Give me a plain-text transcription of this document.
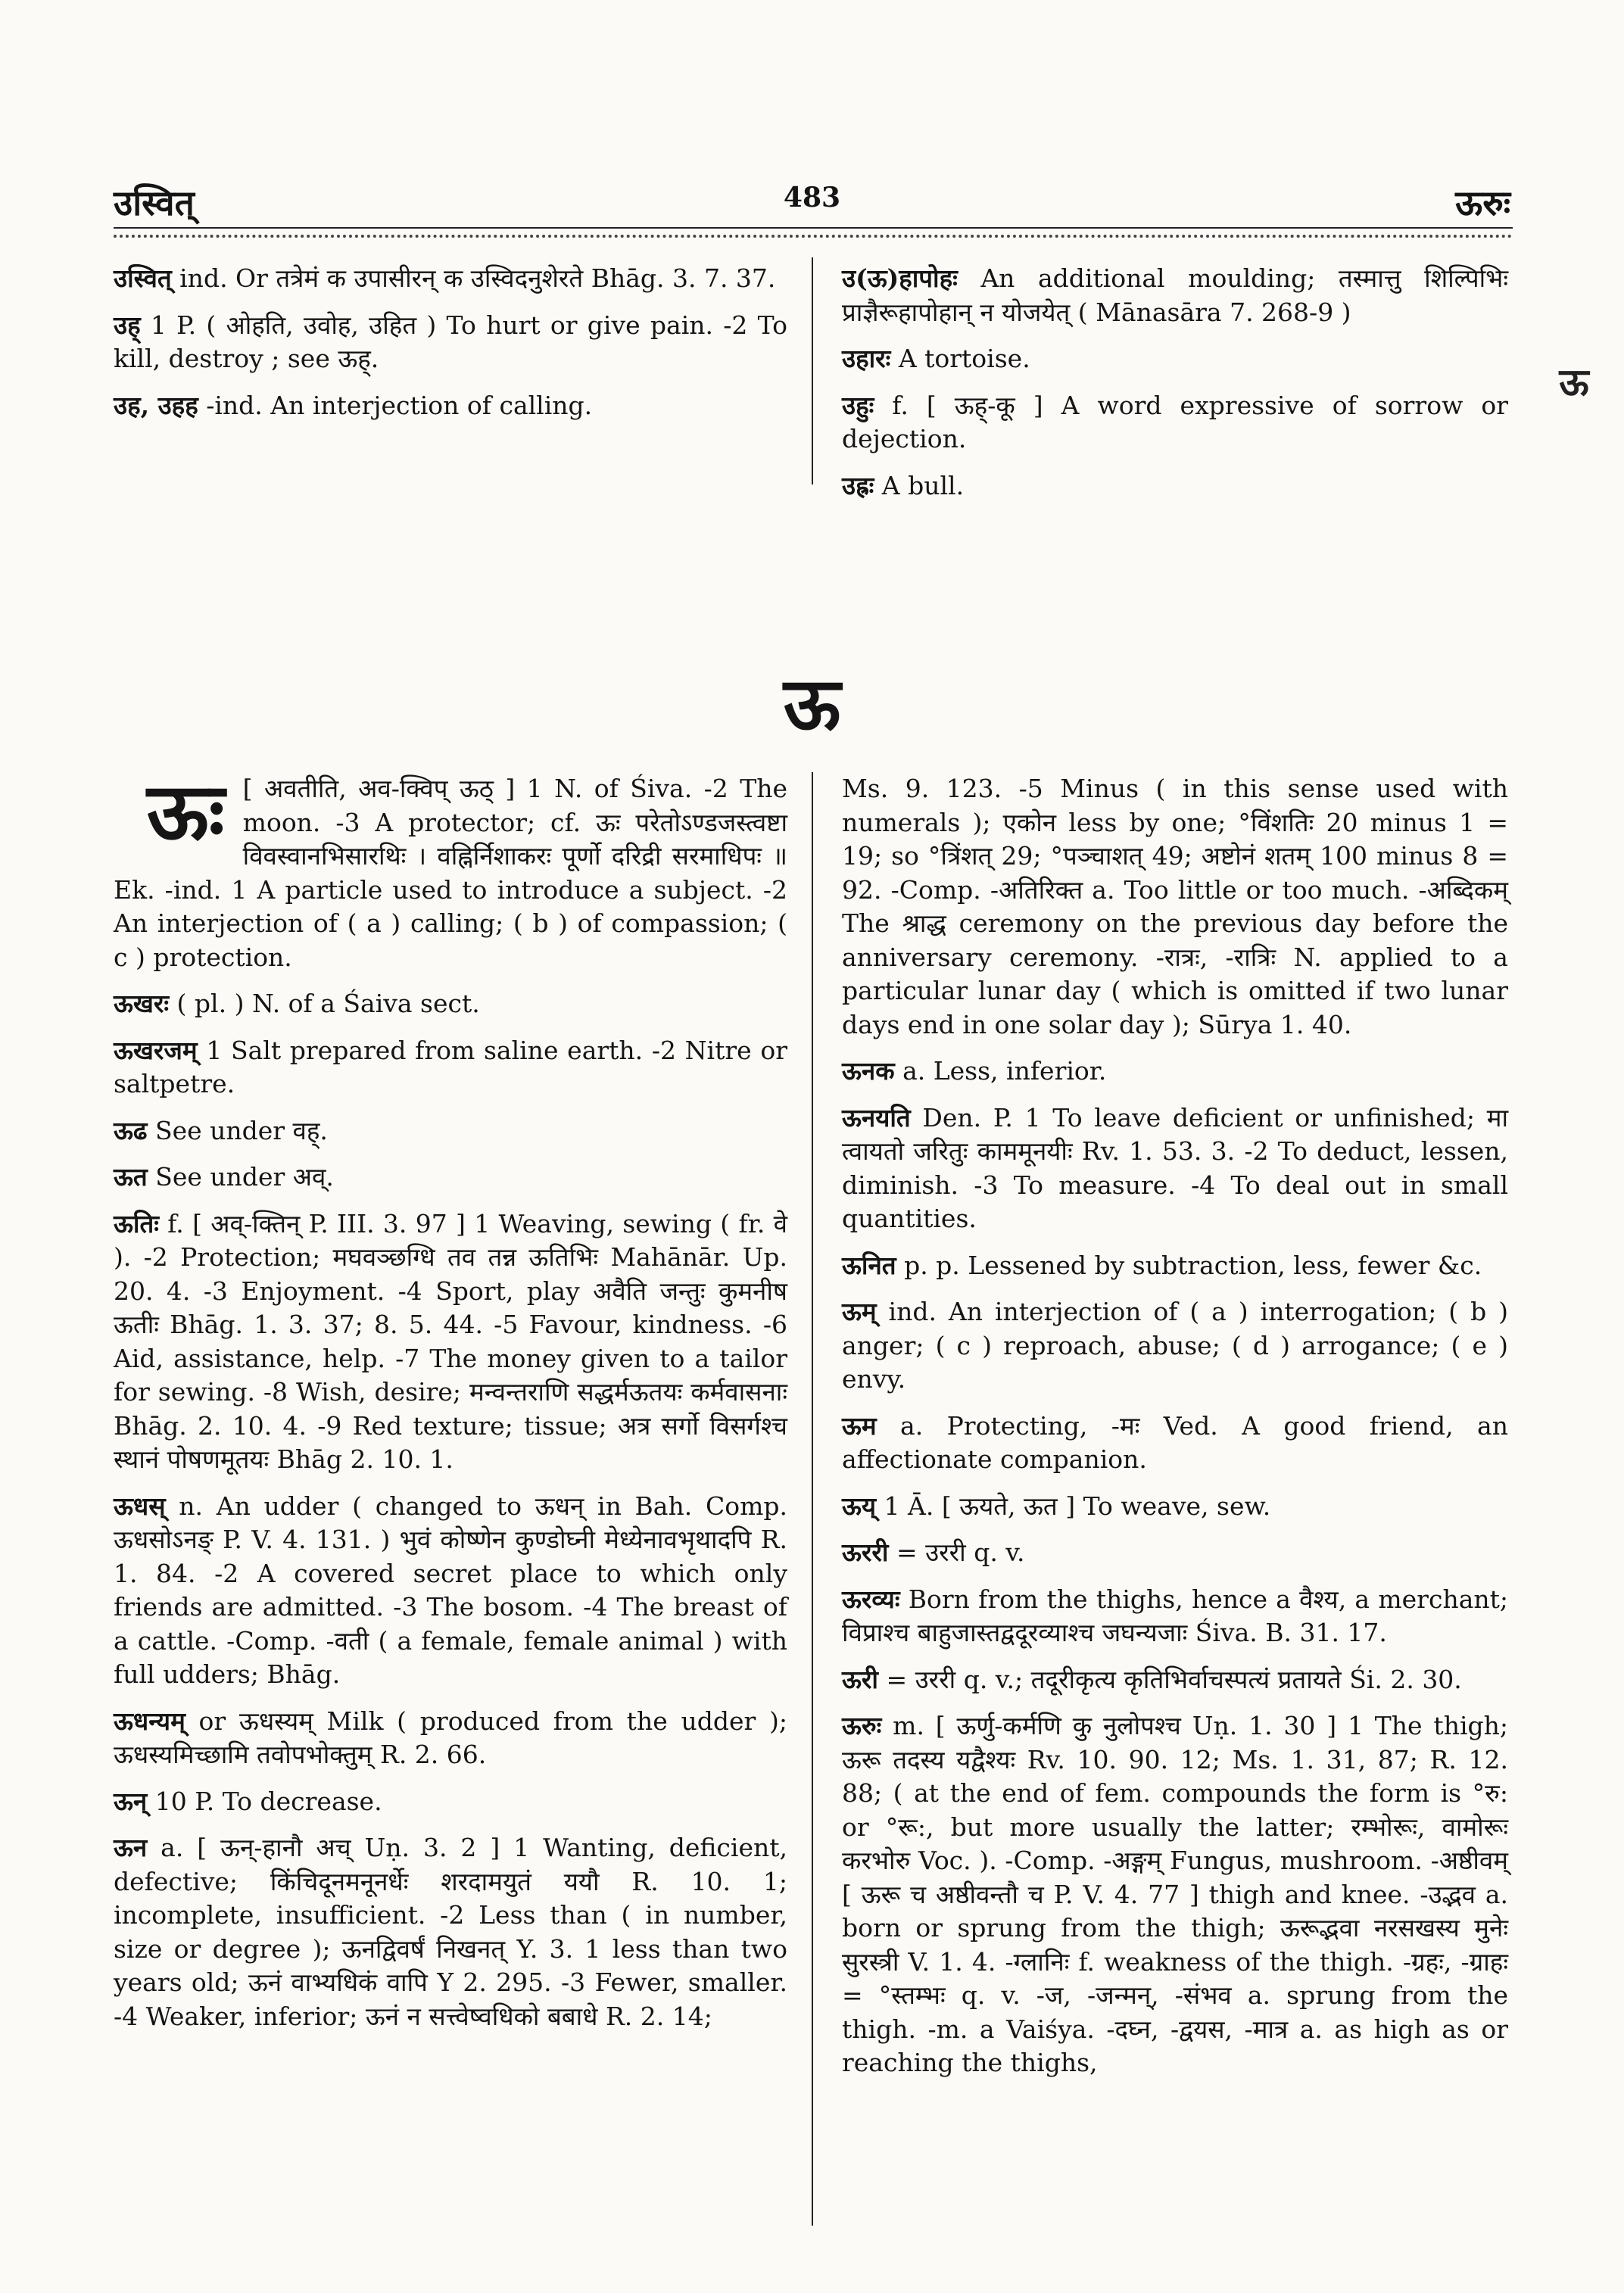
उस्वित्	483	ऊरुः
ऊ

उस्वित् ind. Or तत्रेमं क उपासीरन् क उस्विदनुशेरते Bhāg. 3. 7. 37.

उह् 1 P. ( ओहति, उवोह, उहित ) To hurt or give pain. -2 To kill, destroy ; see ऊह्.

उह, उहह -ind. An interjection of calling.

उ(ऊ)हापोहः An additional moulding; तस्मात्तु शिल्पिभिः प्राज्ञैरूहापोहान् न योजयेत् ( Mānasāra 7. 268-9 )

उहारः A tortoise.

उहुः f. [ ऊह्-कू ] A word expressive of sorrow or dejection.

उह्रः A bull.

ऊ

ऊः [ अवतीति, अव-क्विप् ऊठ् ] 1 N. of Śiva. -2 The moon. -3 A protector; cf. ऊः परेतोऽण्डजस्त्वष्टा विवस्वानभिसारथिः । वह्निर्निशाकरः पूर्णो दरिद्री सरमाधिपः ॥ Ek. -ind. 1 A particle used to introduce a subject. -2 An interjection of ( a ) calling; ( b ) of compassion; ( c ) protection.

ऊखरः ( pl. ) N. of a Śaiva sect.

ऊखरजम् 1 Salt prepared from saline earth. -2 Nitre or saltpetre.

ऊढ See under वह्.

ऊत See under अव्.

ऊतिः f. [ अव्-क्तिन् P. III. 3. 97 ] 1 Weaving, sewing ( fr. वे ). -2 Protection; मघवञ्छग्धि तव तन्न ऊतिभिः Mahānār. Up. 20. 4. -3 Enjoyment. -4 Sport, play अवैति जन्तुः कुमनीष ऊतीः Bhāg. 1. 3. 37; 8. 5. 44. -5 Favour, kindness. -6 Aid, assistance, help. -7 The money given to a tailor for sewing. -8 Wish, desire; मन्वन्तराणि सद्धर्मऊतयः कर्मवासनाः Bhāg. 2. 10. 4. -9 Red texture; tissue; अत्र सर्गो विसर्गश्च स्थानं पोषणमूतयः Bhāg 2. 10. 1.

ऊधस् n. An udder ( changed to ऊधन् in Bah. Comp. ऊधसोऽनङ् P. V. 4. 131. ) भुवं कोष्णेन कुण्डोघ्नी मेध्येनावभृथादपि R. 1. 84. -2 A covered secret place to which only friends are admitted. -3 The bosom. -4 The breast of a cattle. -Comp. -वती ( a female, female animal ) with full udders; Bhāg.

ऊधन्यम् or ऊधस्यम् Milk ( produced from the udder ); ऊधस्यमिच्छामि तवोपभोक्तुम् R. 2. 66.

ऊन् 10 P. To decrease.

ऊन a. [ ऊन्-हानौ अच् Uṇ. 3. 2 ] 1 Wanting, deficient, defective; किंचिदूनमनूनर्धेः शरदामयुतं ययौ R. 10. 1; incomplete, insufficient. -2 Less than ( in number, size or degree ); ऊनद्विवर्षं निखनत् Y. 3. 1 less than two years old; ऊनं वाभ्यधिकं वापि Y 2. 295. -3 Fewer, smaller. -4 Weaker, inferior; ऊनं न सत्त्वेष्वधिको बबाधे R. 2. 14;

Ms. 9. 123. -5 Minus ( in this sense used with numerals ); एकोन less by one; °विंशतिः 20 minus 1 = 19; so °त्रिंशत् 29; °पञ्चाशत् 49; अष्टोनं शतम् 100 minus 8 = 92. -Comp. -अतिरिक्त a. Too little or too much. -अब्दिकम् The श्राद्ध ceremony on the previous day before the anniversary ceremony. -रात्रः, -रात्रिः N. applied to a particular lunar day ( which is omitted if two lunar days end in one solar day ); Sūrya 1. 40.

ऊनक a. Less, inferior.

ऊनयति Den. P. 1 To leave deficient or unfinished; मा त्वायतो जरितुः काममूनयीः Rv. 1. 53. 3. -2 To deduct, lessen, diminish. -3 To measure. -4 To deal out in small quantities.

ऊनित p. p. Lessened by subtraction, less, fewer &c.

ऊम् ind. An interjection of ( a ) interrogation; ( b ) anger; ( c ) reproach, abuse; ( d ) arrogance; ( e ) envy.

ऊम a. Protecting, -मः Ved. A good friend, an affectionate companion.

ऊय् 1 Ā. [ ऊयते, ऊत ] To weave, sew.

ऊररी = उररी q. v.

ऊरव्यः Born from the thighs, hence a वैश्य, a merchant; विप्राश्च बाहुजास्तद्वदूरव्याश्च जघन्यजाः Śiva. B. 31. 17.

ऊरी = उररी q. v.; तदूरीकृत्य कृतिभिर्वाचस्पत्यं प्रतायते Śi. 2. 30.

ऊरुः m. [ ऊर्णु-कर्मणि कु नुलोपश्च Uṇ. 1. 30 ] 1 The thigh; ऊरू तदस्य यद्वैश्यः Rv. 10. 90. 12; Ms. 1. 31, 87; R. 12. 88; ( at the end of fem. compounds the form is °रु: or °रू:, but more usually the latter; रम्भोरूः, वामोरूः करभोरु Voc. ). -Comp. -अङ्गम् Fungus, mushroom. -अष्ठीवम् [ ऊरू च अष्ठीवन्तौ च P. V. 4. 77 ] thigh and knee. -उद्भव a. born or sprung from the thigh; ऊरूद्भवा नरसखस्य मुनेः सुरस्त्री V. 1. 4. -ग्लानिः f. weakness of the thigh. -ग्रहः, -ग्राहः = °स्तम्भः q. v. -ज, -जन्मन्, -संभव a. sprung from the thigh. -m. a Vaiśya. -दघ्न, -द्वयस, -मात्र a. as high as or reaching the thighs,
